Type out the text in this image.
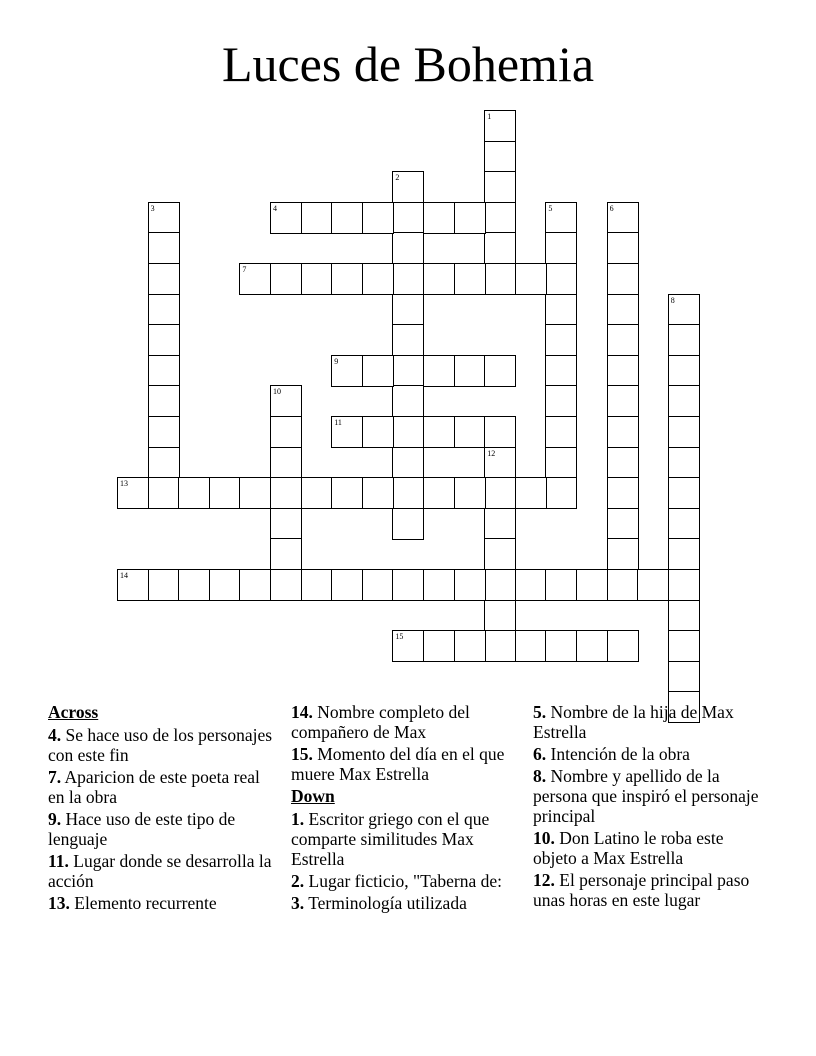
Luces de Bohemia
1
2
3	4	5	6
7
8
9
10
11
12
13
14
15
Across
4. Se hace uso de los personajes con este fin
7. Aparicion de este poeta real en la obra
9. Hace uso de este tipo de lenguaje
11. Lugar donde se desarrolla la acción
13. Elemento recurrente
14. Nombre completo del compañero de Max
15. Momento del día en el que muere Max Estrella
Down
1. Escritor griego con el que comparte similitudes Max Estrella
2. Lugar ficticio, "Taberna de:
3. Terminología utilizada
5. Nombre de la hija de Max Estrella
6. Intención de la obra
8. Nombre y apellido de la persona que inspiró el personaje principal
10. Don Latino le roba este objeto a Max Estrella
12. El personaje principal paso unas horas en este lugar
